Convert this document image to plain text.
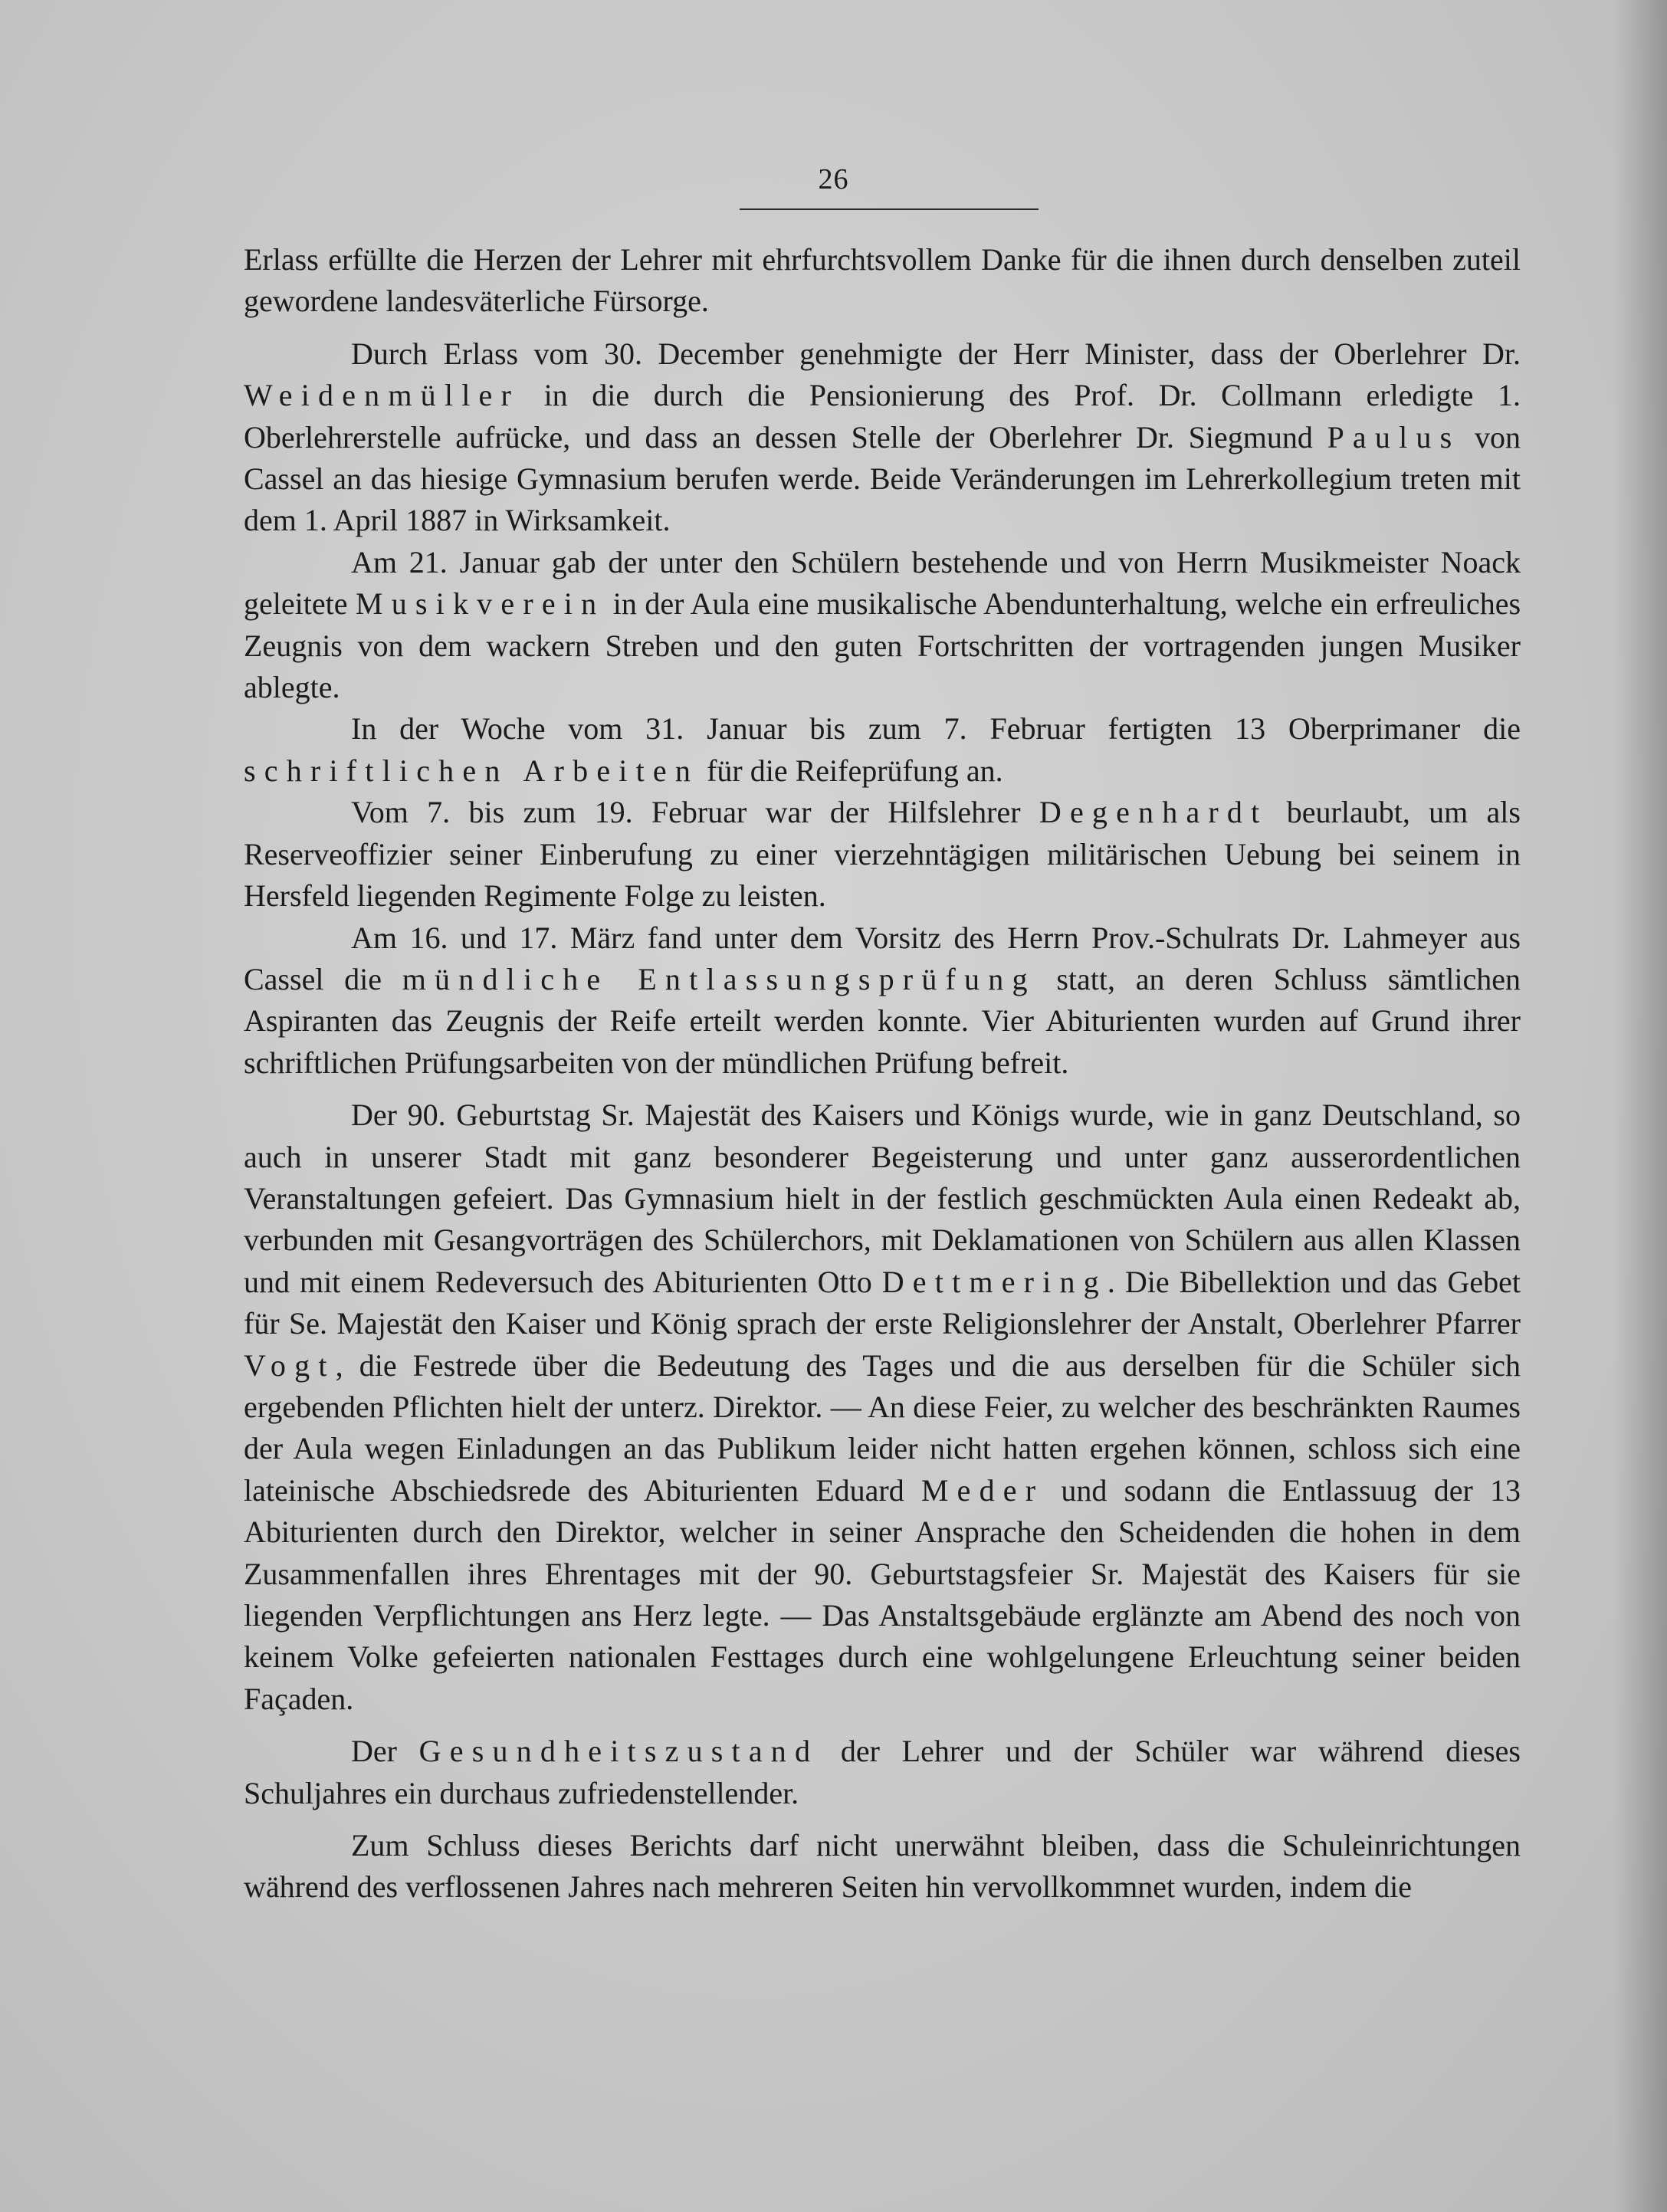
26

Erlass erfüllte die Herzen der Lehrer mit ehrfurchtsvollem Danke für die ihnen durch denselben zuteil gewordene landesväterliche Fürsorge.

Durch Erlass vom 30. December genehmigte der Herr Minister, dass der Oberlehrer Dr. Weidenmüller in die durch die Pensionierung des Prof. Dr. Collmann erledigte 1. Oberlehrerstelle aufrücke, und dass an dessen Stelle der Oberlehrer Dr. Siegmund Paulus von Cassel an das hiesige Gymnasium berufen werde. Beide Veränderungen im Lehrerkollegium treten mit dem 1. April 1887 in Wirksamkeit.

Am 21. Januar gab der unter den Schülern bestehende und von Herrn Musikmeister Noack geleitete Musikverein in der Aula eine musikalische Abendunterhaltung, welche ein erfreuliches Zeugnis von dem wackern Streben und den guten Fortschritten der vortragenden jungen Musiker ablegte.

In der Woche vom 31. Januar bis zum 7. Februar fertigten 13 Oberprimaner die schriftlichen Arbeiten für die Reifeprüfung an.

Vom 7. bis zum 19. Februar war der Hilfslehrer Degenhardt beurlaubt, um als Reserveoffizier seiner Einberufung zu einer vierzehntägigen militärischen Uebung bei seinem in Hersfeld liegenden Regimente Folge zu leisten.

Am 16. und 17. März fand unter dem Vorsitz des Herrn Prov.-Schulrats Dr. Lahmeyer aus Cassel die mündliche Entlassungsprüfung statt, an deren Schluss sämtlichen Aspiranten das Zeugnis der Reife erteilt werden konnte. Vier Abiturienten wurden auf Grund ihrer schriftlichen Prüfungsarbeiten von der mündlichen Prüfung befreit.

Der 90. Geburtstag Sr. Majestät des Kaisers und Königs wurde, wie in ganz Deutschland, so auch in unserer Stadt mit ganz besonderer Begeisterung und unter ganz ausserordentlichen Veranstaltungen gefeiert. Das Gymnasium hielt in der festlich geschmückten Aula einen Redeakt ab, verbunden mit Gesangvorträgen des Schülerchors, mit Deklamationen von Schülern aus allen Klassen und mit einem Redeversuch des Abiturienten Otto Dettmering. Die Bibellektion und das Gebet für Se. Majestät den Kaiser und König sprach der erste Religionslehrer der Anstalt, Oberlehrer Pfarrer Vogt, die Festrede über die Bedeutung des Tages und die aus derselben für die Schüler sich ergebenden Pflichten hielt der unterz. Direktor. — An diese Feier, zu welcher des beschränkten Raumes der Aula wegen Einladungen an das Publikum leider nicht hatten ergehen können, schloss sich eine lateinische Abschiedsrede des Abiturienten Eduard Meder und sodann die Entlassuug der 13 Abiturienten durch den Direktor, welcher in seiner Ansprache den Scheidenden die hohen in dem Zusammenfallen ihres Ehrentages mit der 90. Geburtstagsfeier Sr. Majestät des Kaisers für sie liegenden Verpflichtungen ans Herz legte. — Das Anstaltsgebäude erglänzte am Abend des noch von keinem Volke gefeierten nationalen Festtages durch eine wohlgelungene Erleuchtung seiner beiden Façaden.

Der Gesundheitszustand der Lehrer und der Schüler war während dieses Schuljahres ein durchaus zufriedenstellender.

Zum Schluss dieses Berichts darf nicht unerwähnt bleiben, dass die Schuleinrichtungen während des verflossenen Jahres nach mehreren Seiten hin vervollkommnet wurden, indem die
